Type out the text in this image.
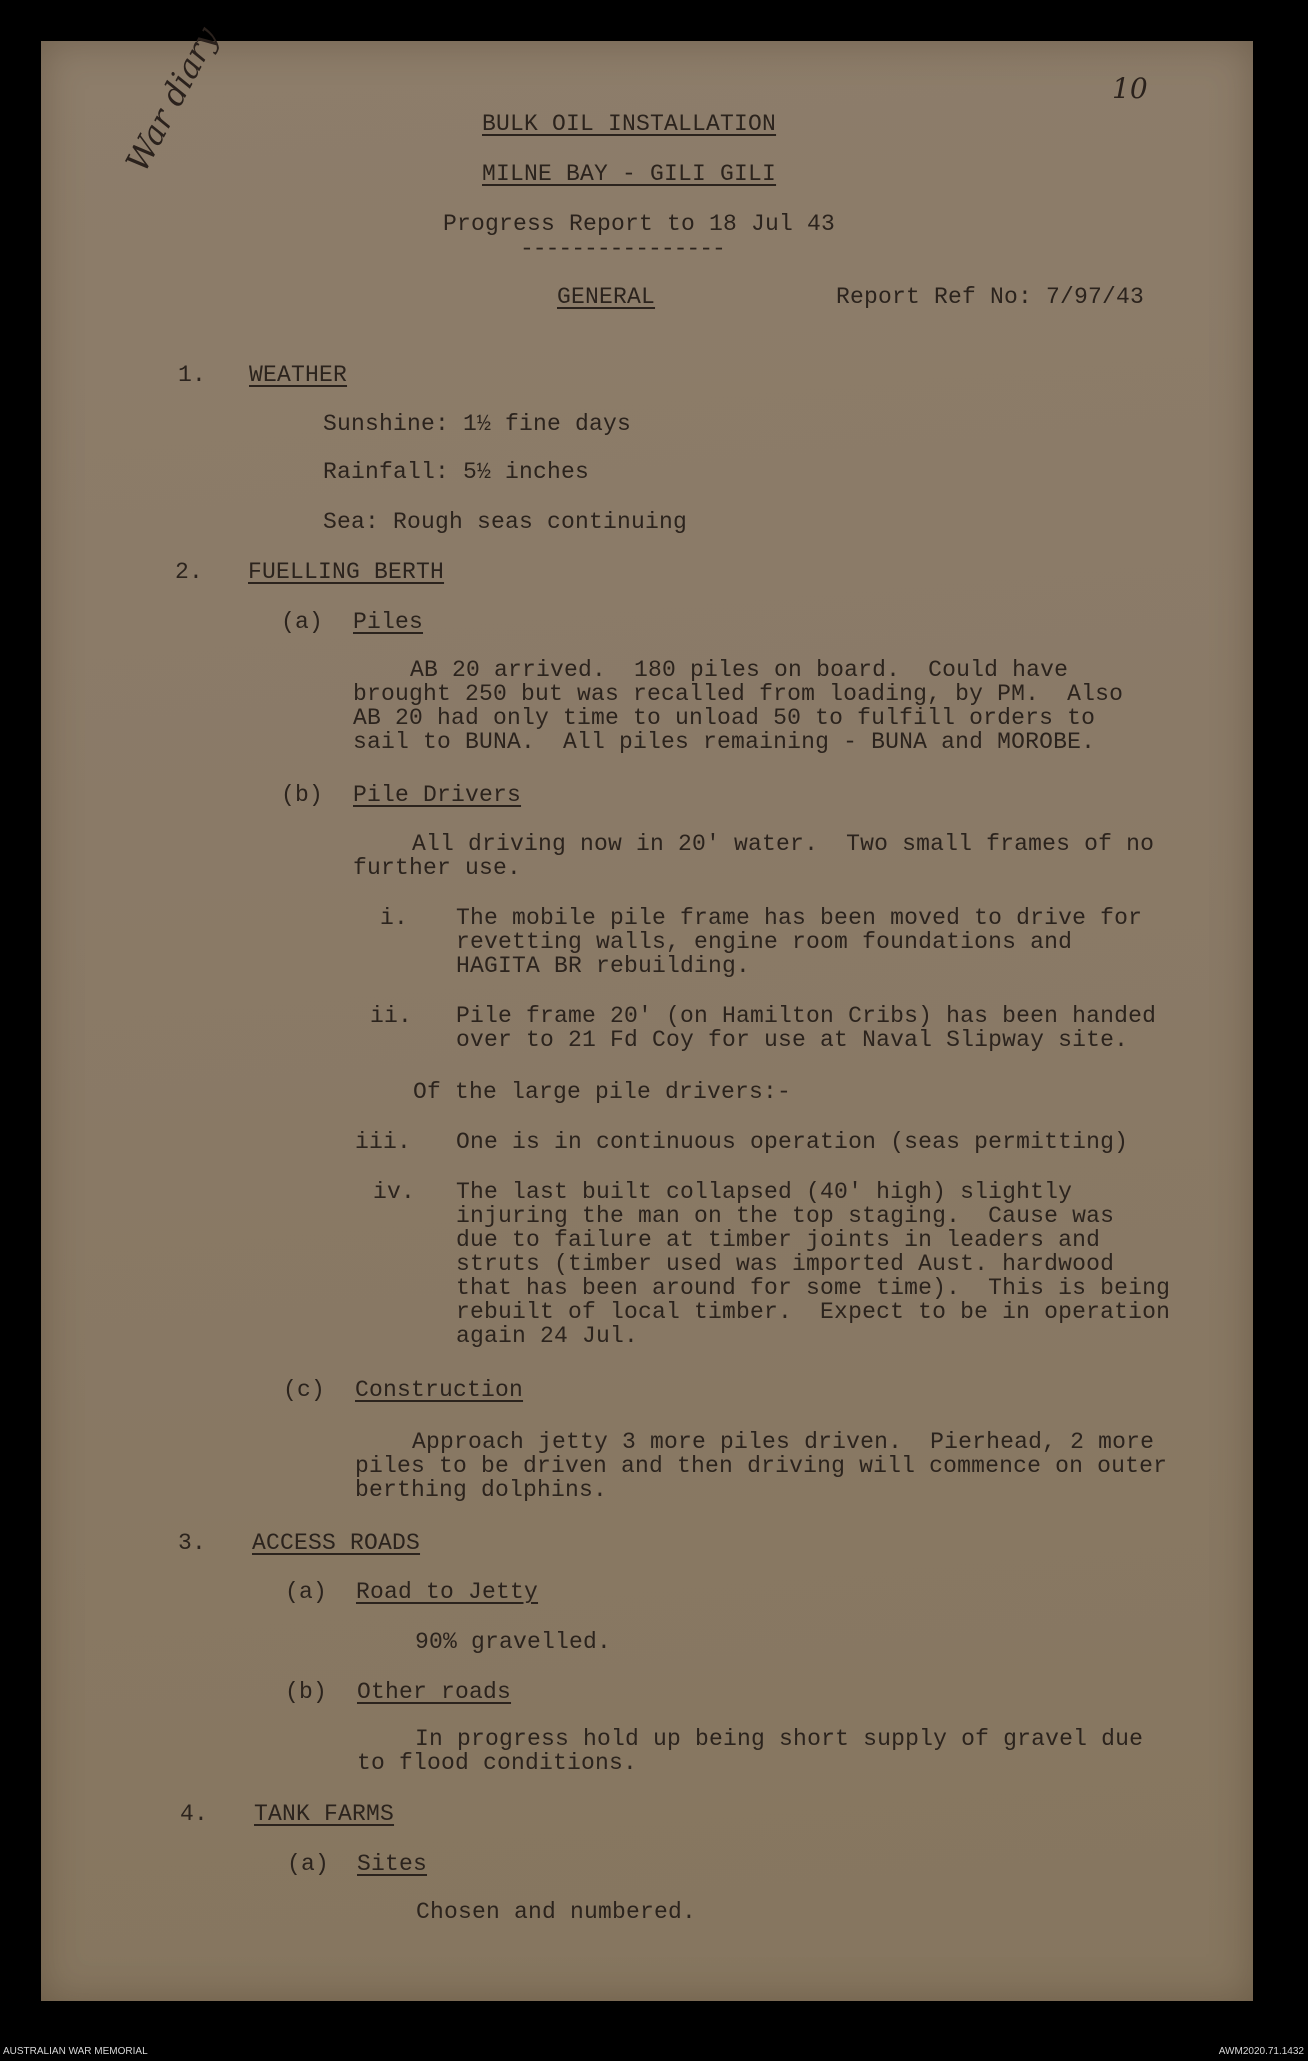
10
War diary	BULK OIL INSTALLATION
MILNE BAY - GILI GILI
Progress Report to 18 Jul 43
----------------
GENERAL	Report Ref No: 7/97/43
1. WEATHER
Sunshine: 1½ fine days
Rainfall: 5½ inches
Sea: Rough seas continuing
2. FUELLING BERTH
(a) Piles
AB 20 arrived.  180 piles on board.  Could have
brought 250 but was recalled from loading, by PM.  Also
AB 20 had only time to unload 50 to fulfill orders to
sail to BUNA.  All piles remaining - BUNA and MOROBE.
(b) Pile Drivers
All driving now in 20' water.  Two small frames of no
further use.
i. The mobile pile frame has been moved to drive for
revetting walls, engine room foundations and
HAGITA BR rebuilding.
ii. Pile frame 20' (on Hamilton Cribs) has been handed
over to 21 Fd Coy for use at Naval Slipway site.
Of the large pile drivers:-
iii. One is in continuous operation (seas permitting)
iv. The last built collapsed (40' high) slightly
injuring the man on the top staging.  Cause was
due to failure at timber joints in leaders and
struts (timber used was imported Aust. hardwood
that has been around for some time).  This is being
rebuilt of local timber.  Expect to be in operation
again 24 Jul.
(c) Construction
Approach jetty 3 more piles driven.  Pierhead, 2 more
piles to be driven and then driving will commence on outer
berthing dolphins.
3. ACCESS ROADS
(a) Road to Jetty
90% gravelled.
(b) Other roads
In progress hold up being short supply of gravel due
to flood conditions.
4. TANK FARMS
(a) Sites
Chosen and numbered.
AUSTRALIAN WAR MEMORIAL	AWM2020.71.1432
